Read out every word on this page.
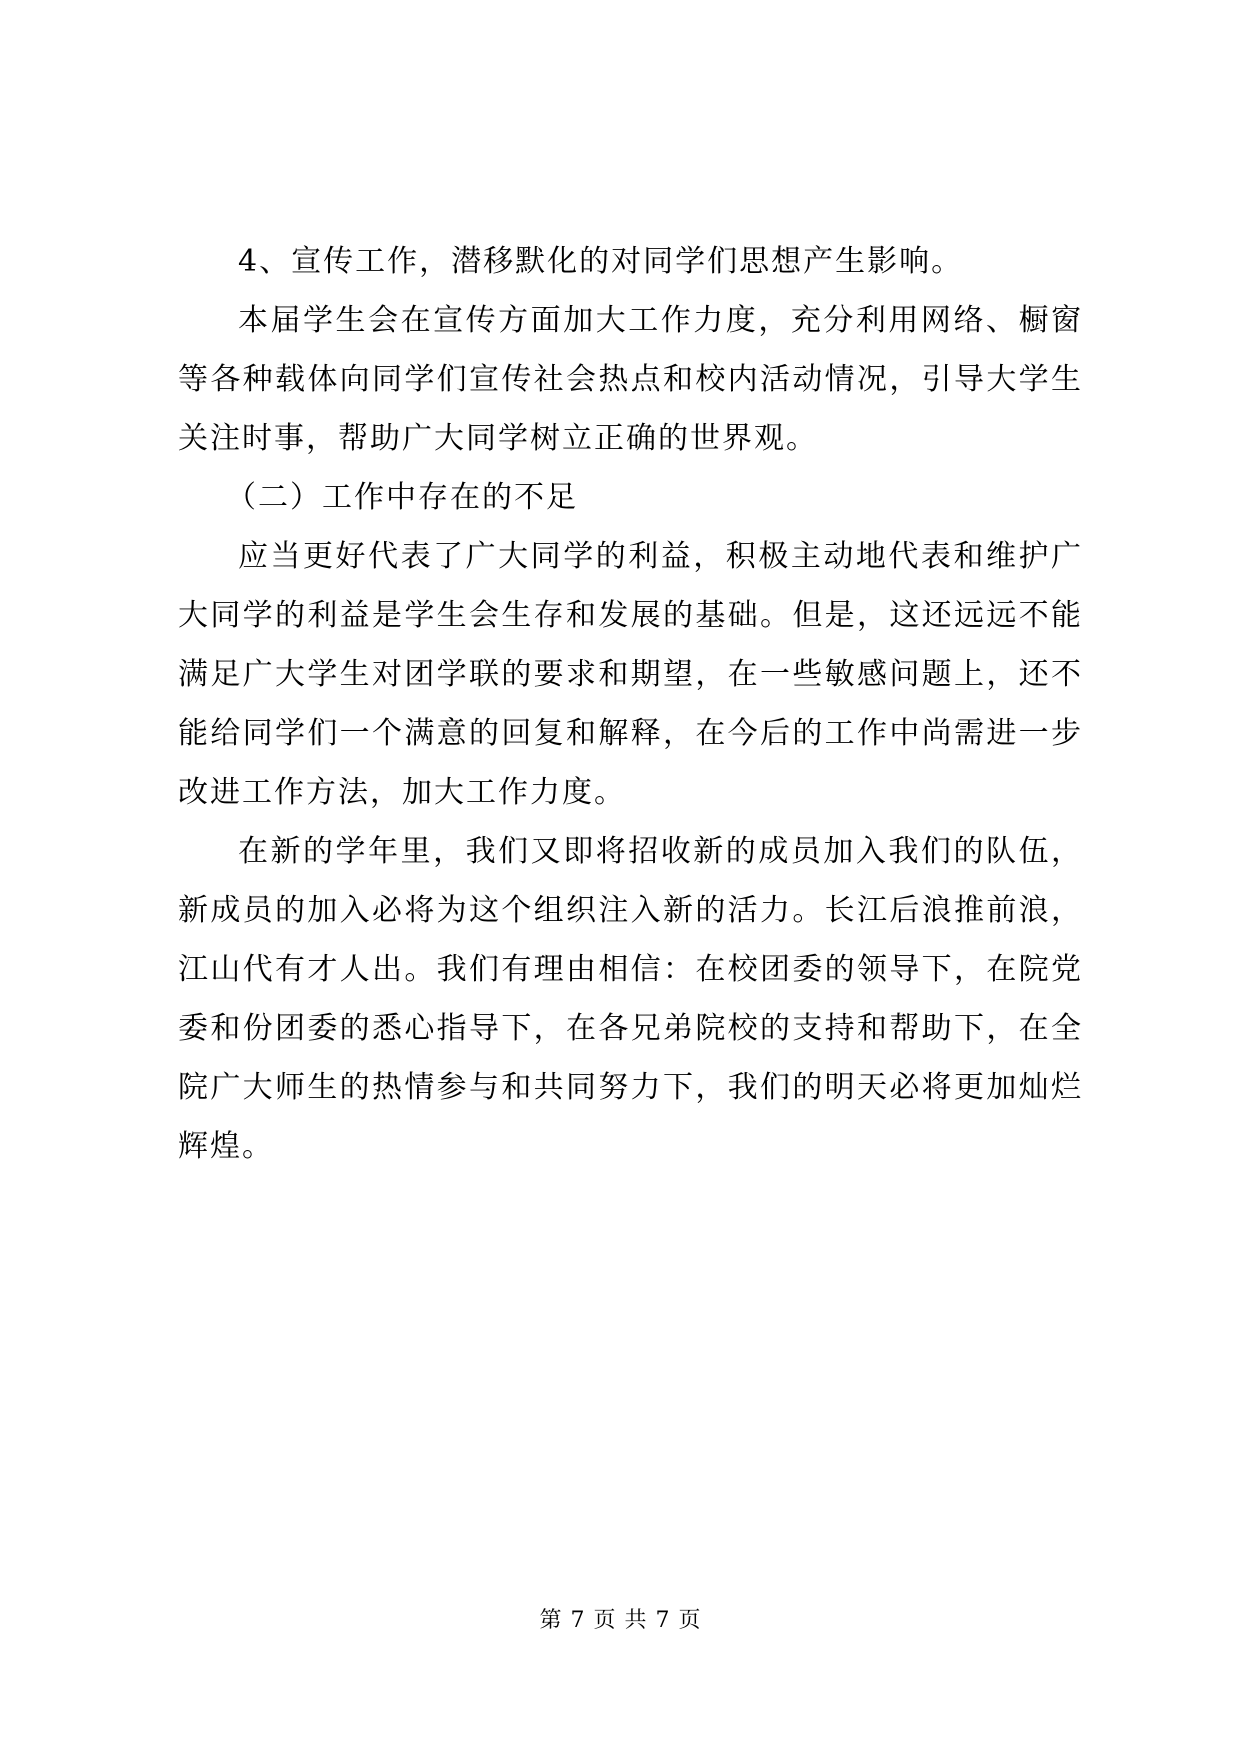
4、宣传工作，潜移默化的对同学们思想产生影响。

本届学生会在宣传方面加大工作力度，充分利用网络、橱窗等各种载体向同学们宣传社会热点和校内活动情况，引导大学生关注时事，帮助广大同学树立正确的世界观。

（二）工作中存在的不足

应当更好代表了广大同学的利益，积极主动地代表和维护广大同学的利益是学生会生存和发展的基础。但是，这还远远不能满足广大学生对团学联的要求和期望，在一些敏感问题上，还不能给同学们一个满意的回复和解释，在今后的工作中尚需进一步改进工作方法，加大工作力度。

在新的学年里，我们又即将招收新的成员加入我们的队伍，新成员的加入必将为这个组织注入新的活力。长江后浪推前浪，江山代有才人出。我们有理由相信：在校团委的领导下，在院党委和份团委的悉心指导下，在各兄弟院校的支持和帮助下，在全院广大师生的热情参与和共同努力下，我们的明天必将更加灿烂辉煌。

第 7 页 共 7 页
